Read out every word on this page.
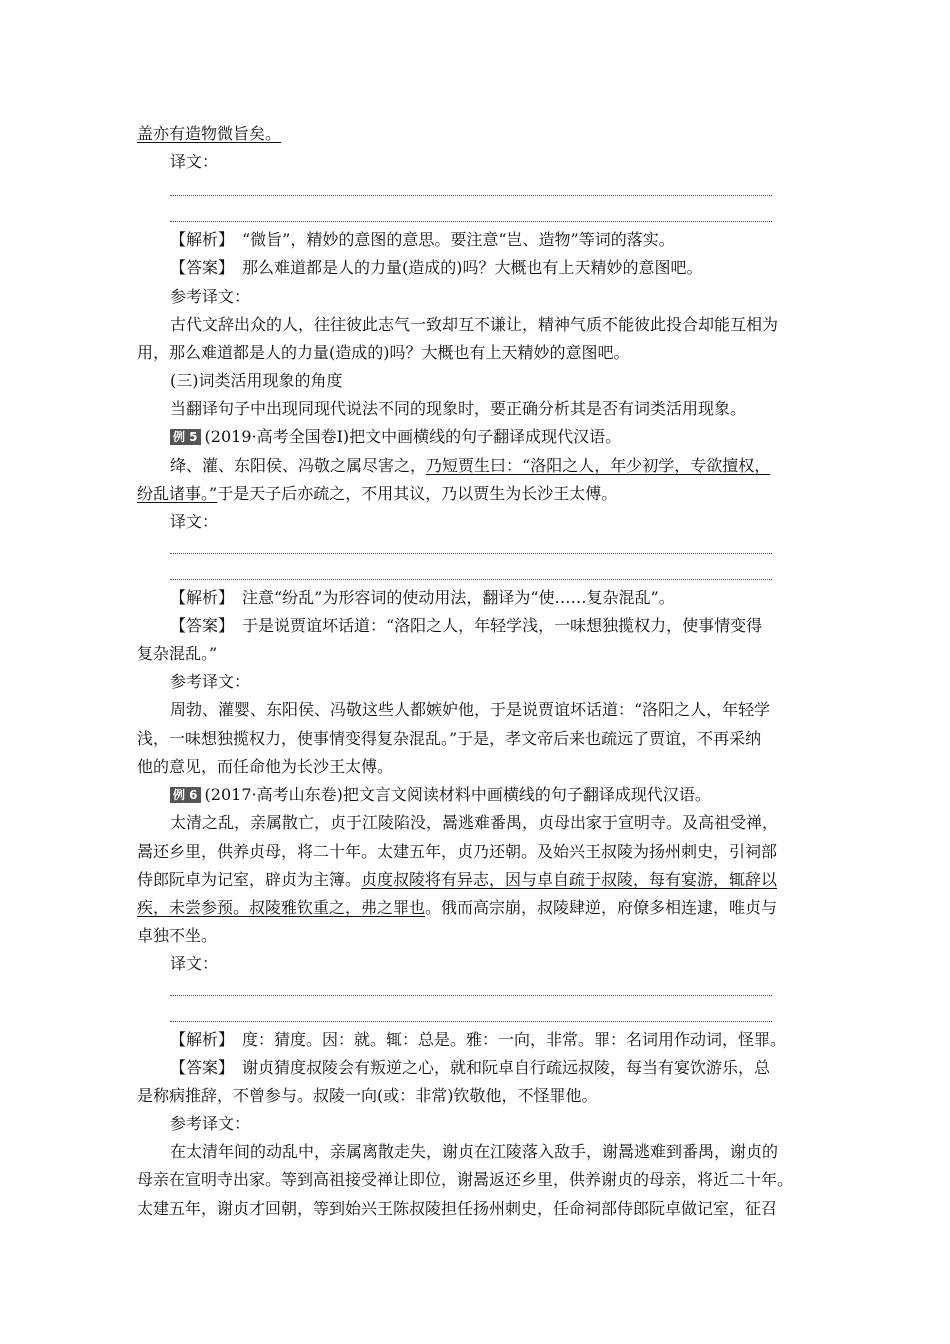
盖亦有造物微旨矣。
译文：
【解析】　“微旨”，精妙的意图的意思。要注意“岂、造物”等词的落实。
【答案】　那么难道都是人的力量(造成的)吗？大概也有上天精妙的意图吧。
参考译文：
古代文辞出众的人，往往彼此志气一致却互不谦让，精神气质不能彼此投合却能互相为
用，那么难道都是人的力量(造成的)吗？大概也有上天精妙的意图吧。
(三)词类活用现象的角度
当翻译句子中出现同现代说法不同的现象时，要正确分析其是否有词类活用现象。
例 5 (2019·高考全国卷Ⅰ)把文中画横线的句子翻译成现代汉语。
绛、灌、东阳侯、冯敬之属尽害之，乃短贾生曰：“洛阳之人，年少初学，专欲擅权，
纷乱诸事。”于是天子后亦疏之，不用其议，乃以贾生为长沙王太傅。
译文：
【解析】　注意“纷乱”为形容词的使动用法，翻译为“使……复杂混乱”。
【答案】　于是说贾谊坏话道：“洛阳之人，年轻学浅，一味想独揽权力，使事情变得
复杂混乱。”
参考译文：
周勃、灌婴、东阳侯、冯敬这些人都嫉妒他，于是说贾谊坏话道：“洛阳之人，年轻学
浅，一味想独揽权力，使事情变得复杂混乱。”于是，孝文帝后来也疏远了贾谊，不再采纳
他的意见，而任命他为长沙王太傅。
例 6 (2017·高考山东卷)把文言文阅读材料中画横线的句子翻译成现代汉语。
太清之乱，亲属散亡，贞于江陵陷没，暠逃难番禺，贞母出家于宣明寺。及高祖受禅，
暠还乡里，供养贞母，将二十年。太建五年，贞乃还朝。及始兴王叔陵为扬州刺史，引祠部
侍郎阮卓为记室，辟贞为主簿。贞度叔陵将有异志，因与卓自疏于叔陵，每有宴游，辄辞以
疾，未尝参预。叔陵雅钦重之，弗之罪也。俄而高宗崩，叔陵肆逆，府僚多相连逮，唯贞与
卓独不坐。
译文：
【解析】　度：猜度。因：就。辄：总是。雅：一向，非常。罪：名词用作动词，怪罪。
【答案】　谢贞猜度叔陵会有叛逆之心，就和阮卓自行疏远叔陵，每当有宴饮游乐，总
是称病推辞，不曾参与。叔陵一向(或：非常)钦敬他，不怪罪他。
参考译文：
在太清年间的动乱中，亲属离散走失，谢贞在江陵落入敌手，谢暠逃难到番禺，谢贞的
母亲在宣明寺出家。等到高祖接受禅让即位，谢暠返还乡里，供养谢贞的母亲，将近二十年。
太建五年，谢贞才回朝，等到始兴王陈叔陵担任扬州刺史，任命祠部侍郎阮卓做记室，征召
